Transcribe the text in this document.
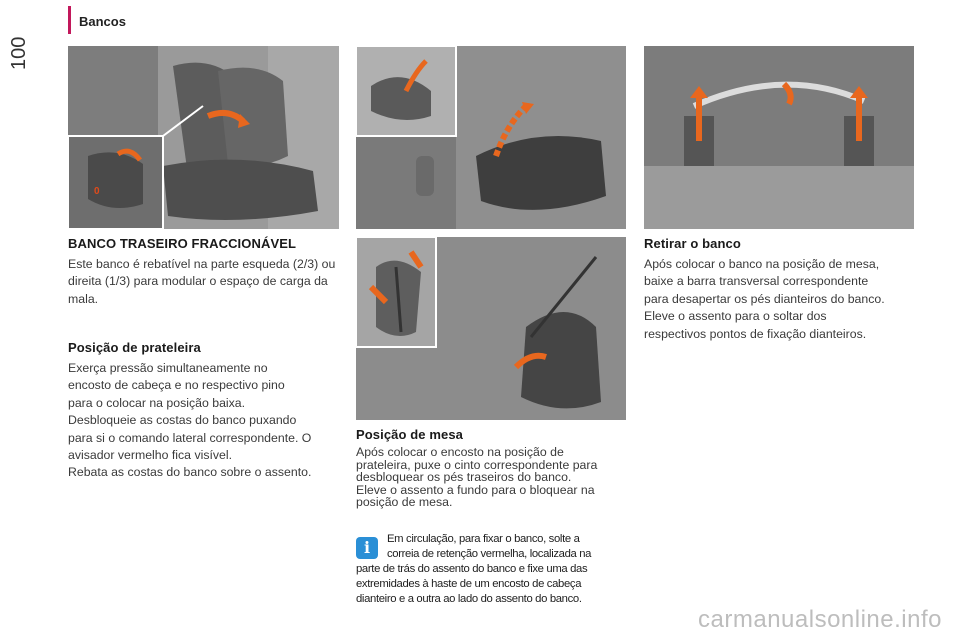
Bancos
100
0
BANCO TRASEIRO FRACCIONÁVEL

Este banco é rebatível na parte esqueda (2/3) ou direita (1/3) para modular o espaço de carga da mala.

Posição de prateleira

Exerça pressão simultaneamente no

encosto de cabeça e no respectivo pino

para o colocar na posição baixa.

Desbloqueie as costas do banco puxando

para si o comando lateral correspondente. O

avisador vermelho fica visível.

Rebata as costas do banco sobre o assento.

Posição de mesa

Após colocar o encosto na posição de

prateleira, puxe o cinto correspondente para

desbloquear os pés traseiros do banco.

Eleve o assento a fundo para o bloquear na

posição de mesa.

i	Em circulação, para fixar o banco, solte a

correia de retenção vermelha, localizada na

parte de trás do assento do banco e fixe uma das

extremidades à haste de um encosto de cabeça

dianteiro e a outra ao lado do assento do banco.

Retirar o banco

Após colocar o banco na posição de mesa,

baixe a barra transversal correspondente

para desapertar os pés dianteiros do banco.

Eleve o assento para o soltar dos

respectivos pontos de fixação dianteiros.

carmanualsonline.info
